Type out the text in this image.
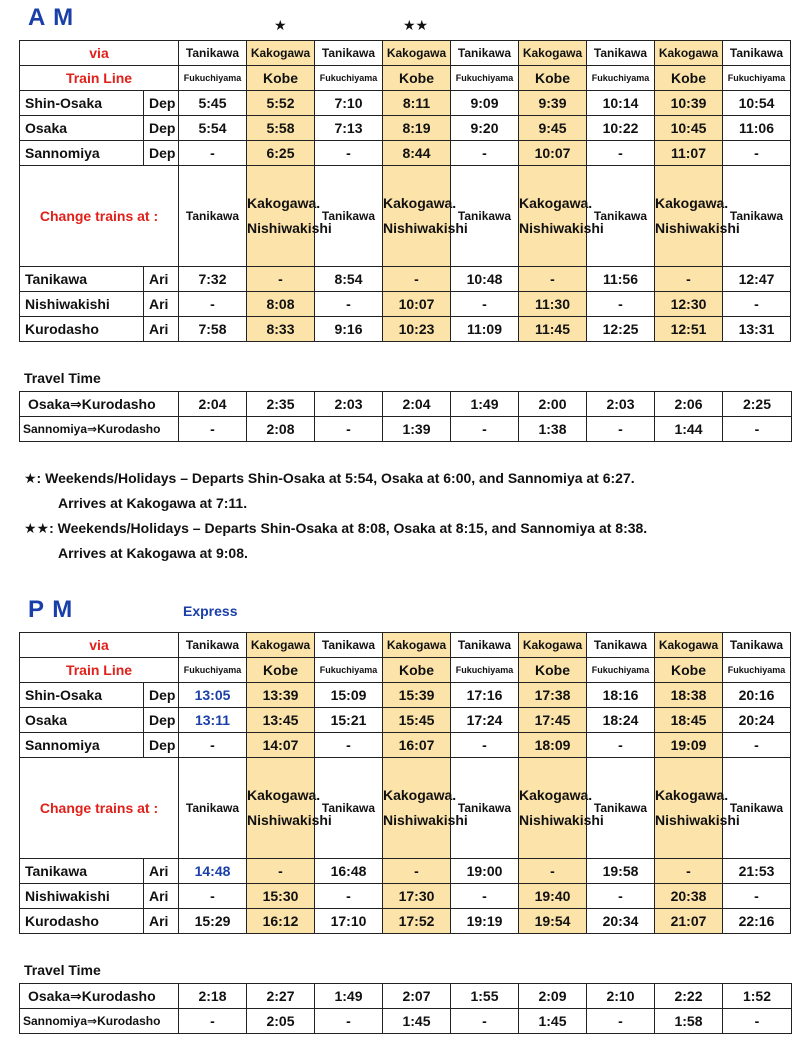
A M	★	★★
via		Tanikawa	Kakogawa	Tanikawa	Kakogawa	Tanikawa	Kakogawa	Tanikawa	Kakogawa	Tanikawa
Train Line		Fukuchiyama	Kobe	Fukuchiyama	Kobe	Fukuchiyama	Kobe	Fukuchiyama	Kobe	Fukuchiyama
Shin-Osaka	Dep	5:45	5:52	7:10	8:11	9:09	9:39	10:14	10:39	10:54
Osaka	Dep	5:54	5:58	7:13	8:19	9:20	9:45	10:22	10:45	11:06
Sannomiya	Dep	-	6:25	-	8:44	-	10:07	-	11:07	-
Change trains at :		Tanikawa	Kakogawa. Nishiwakishi	Tanikawa	Kakogawa. Nishiwakishi	Tanikawa	Kakogawa. Nishiwakishi	Tanikawa	Kakogawa. Nishiwakishi	Tanikawa
Tanikawa	Ari	7:32	-	8:54	-	10:48	-	11:56	-	12:47
Nishiwakishi	Ari	-	8:08	-	10:07	-	11:30	-	12:30	-
Kurodasho	Ari	7:58	8:33	9:16	10:23	11:09	11:45	12:25	12:51	13:31
Travel Time
Osaka⇒Kurodasho	2:04	2:35	2:03	2:04	1:49	2:00	2:03	2:06	2:25
Sannomiya⇒Kurodasho	-	2:08	-	1:39	-	1:38	-	1:44	-
★: Weekends/Holidays – Departs Shin-Osaka at 5:54, Osaka at 6:00, and Sannomiya at 6:27.
Arrives at Kakogawa at 7:11.
★★: Weekends/Holidays – Departs Shin-Osaka at 8:08, Osaka at 8:15, and Sannomiya at 8:38.
Arrives at Kakogawa at 9:08.
P M	Express
via		Tanikawa	Kakogawa	Tanikawa	Kakogawa	Tanikawa	Kakogawa	Tanikawa	Kakogawa	Tanikawa
Train Line		Fukuchiyama	Kobe	Fukuchiyama	Kobe	Fukuchiyama	Kobe	Fukuchiyama	Kobe	Fukuchiyama
Shin-Osaka	Dep	13:05	13:39	15:09	15:39	17:16	17:38	18:16	18:38	20:16
Osaka	Dep	13:11	13:45	15:21	15:45	17:24	17:45	18:24	18:45	20:24
Sannomiya	Dep	-	14:07	-	16:07	-	18:09	-	19:09	-
Change trains at :		Tanikawa	Kakogawa. Nishiwakishi	Tanikawa	Kakogawa. Nishiwakishi	Tanikawa	Kakogawa. Nishiwakishi	Tanikawa	Kakogawa. Nishiwakishi	Tanikawa
Tanikawa	Ari	14:48	-	16:48	-	19:00	-	19:58	-	21:53
Nishiwakishi	Ari	-	15:30	-	17:30	-	19:40	-	20:38	-
Kurodasho	Ari	15:29	16:12	17:10	17:52	19:19	19:54	20:34	21:07	22:16
Travel Time
Osaka⇒Kurodasho	2:18	2:27	1:49	2:07	1:55	2:09	2:10	2:22	1:52
Sannomiya⇒Kurodasho	-	2:05	-	1:45	-	1:45	-	1:58	-
